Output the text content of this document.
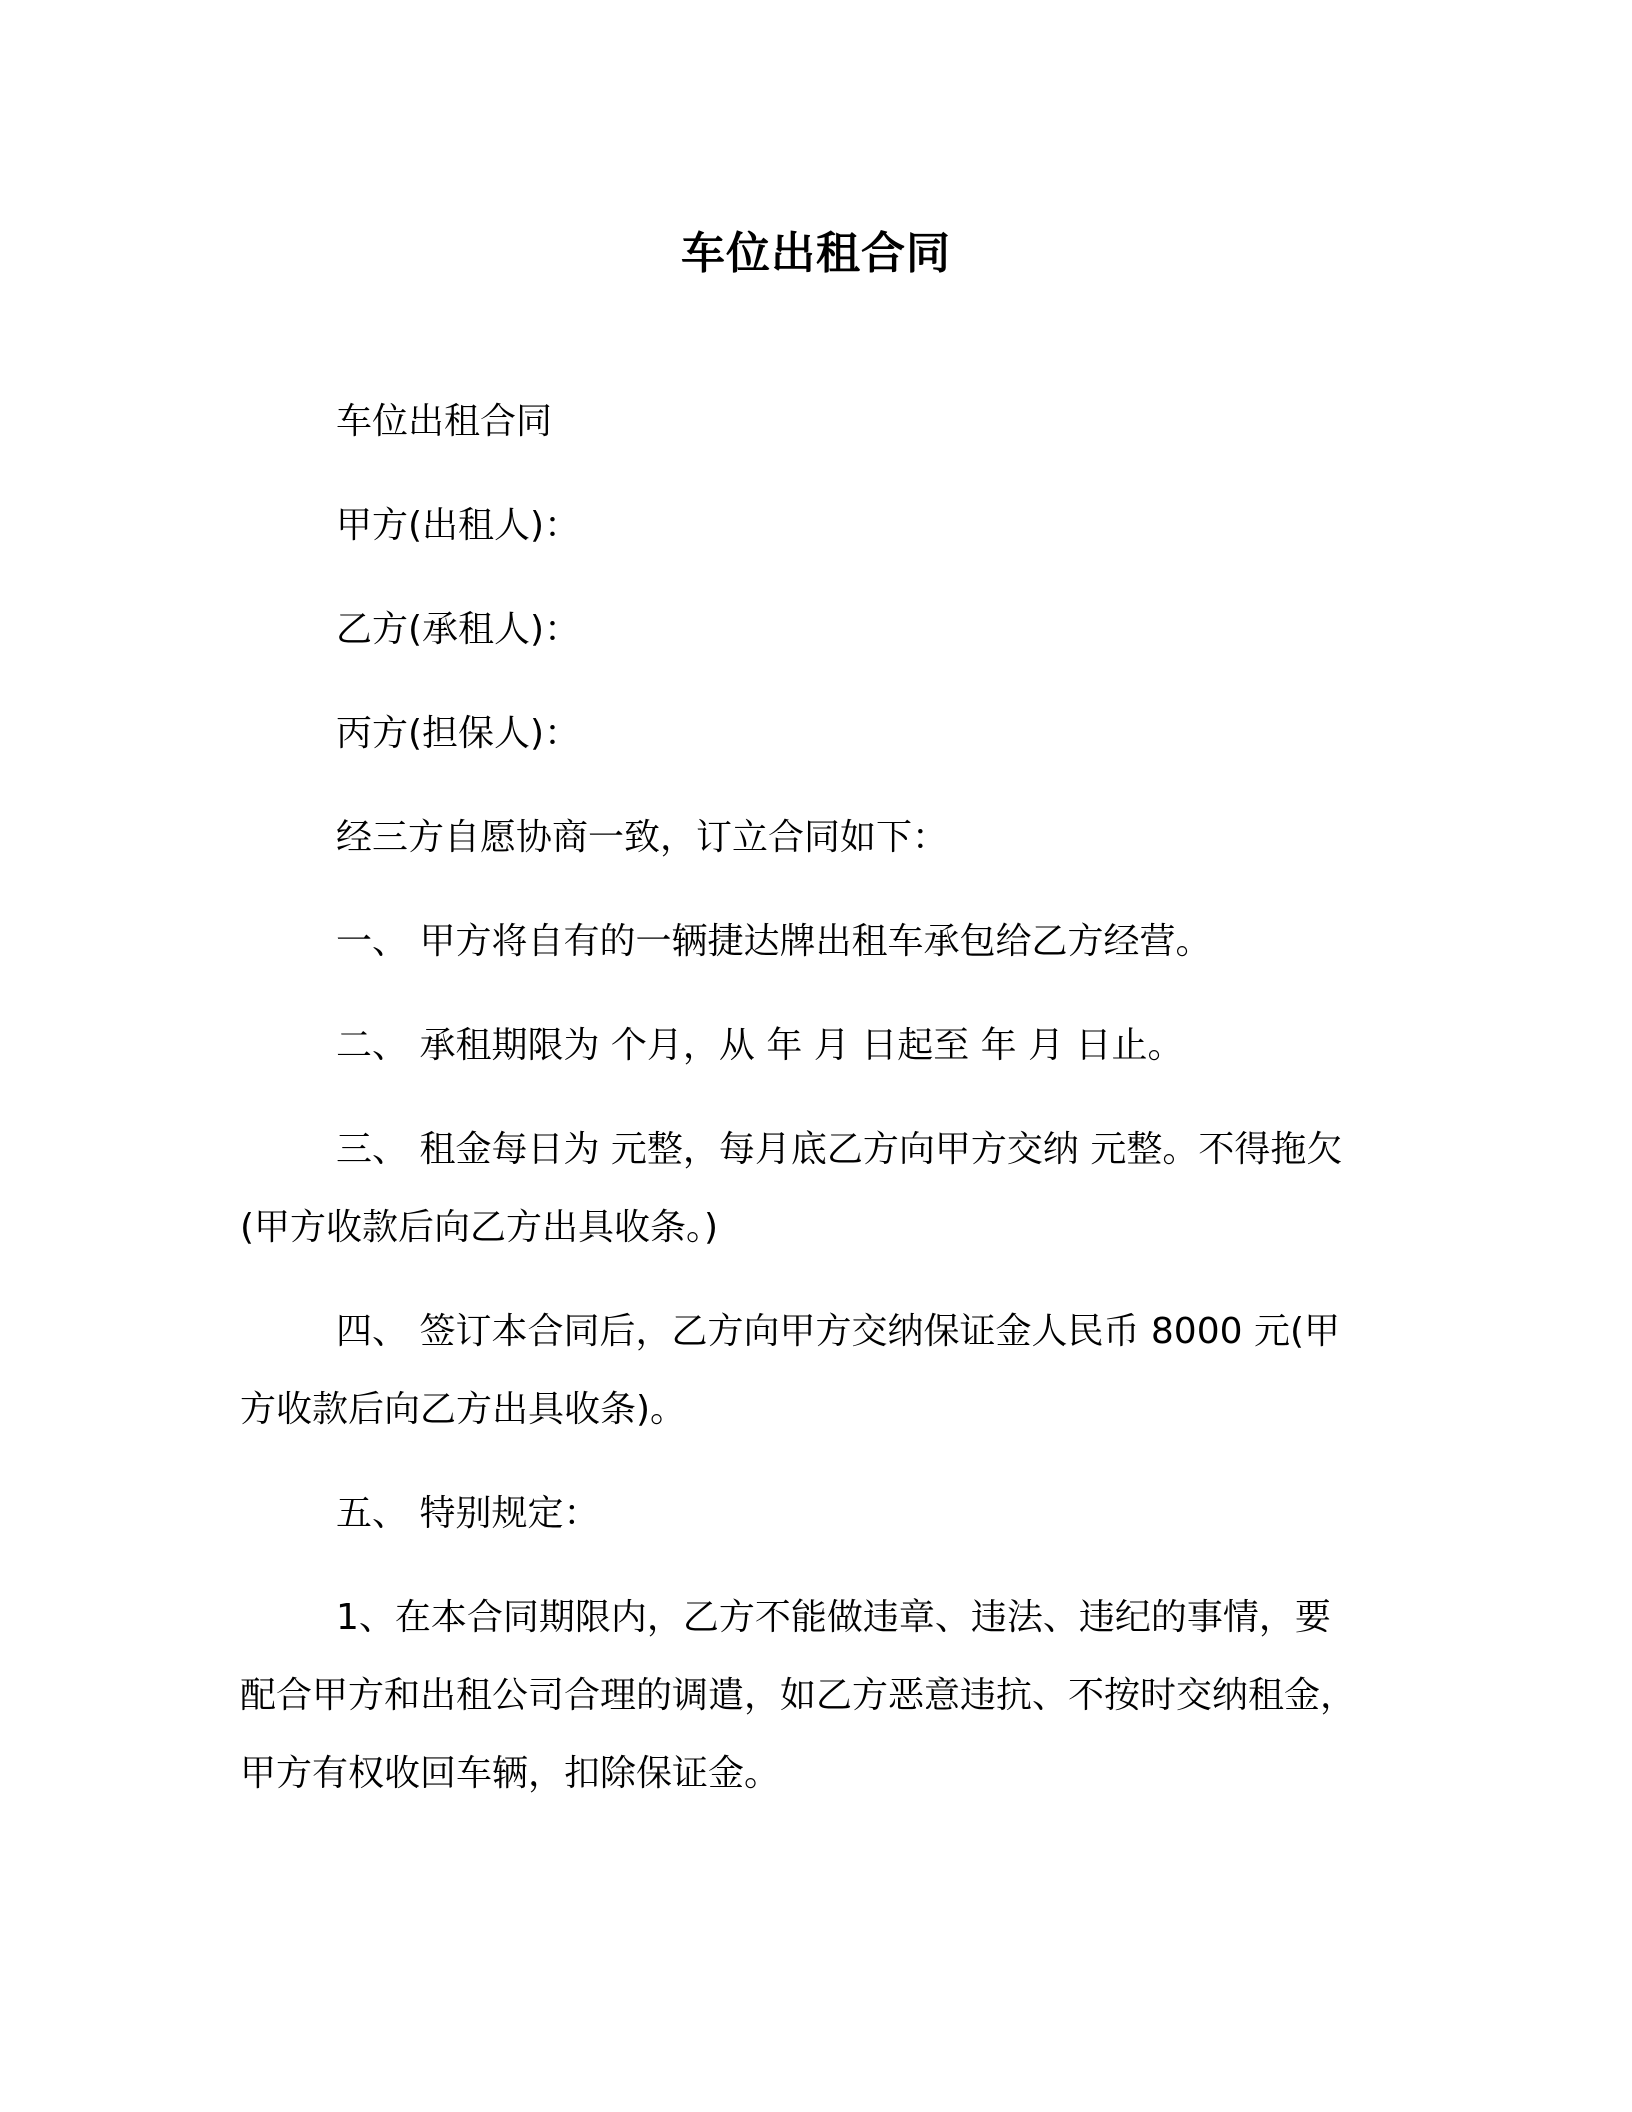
车位出租合同

车位出租合同

甲方(出租人)：

乙方(承租人)：

丙方(担保人)：

经三方自愿协商一致，订立合同如下：

一、 甲方将自有的一辆捷达牌出租车承包给乙方经营。

二、 承租期限为 个月，从 年 月 日起至 年 月 日止。

三、 租金每日为 元整，每月底乙方向甲方交纳 元整。不得拖欠
(甲方收款后向乙方出具收条。)
四、 签订本合同后，乙方向甲方交纳保证金人民币 8000 元(甲
方收款后向乙方出具收条)。

五、 特别规定：

1、在本合同期限内，乙方不能做违章、违法、违纪的事情，要
配合甲方和出租公司合理的调遣，如乙方恶意违抗、不按时交纳租金，
甲方有权收回车辆，扣除保证金。
